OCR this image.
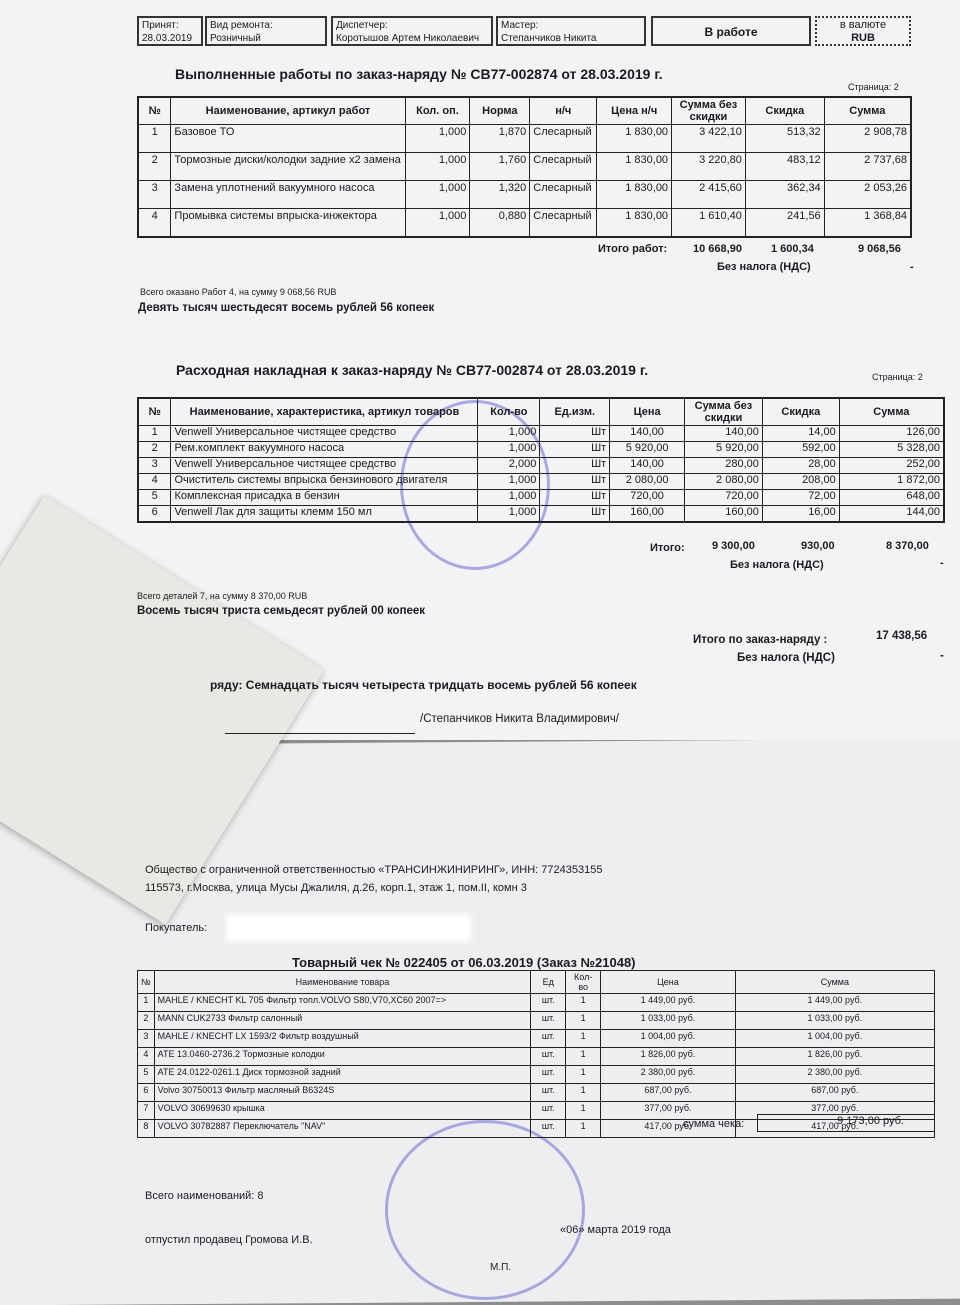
Принят:
28.03.2019
Вид ремонта:
Розничный
Диспетчер:
Коротышов Артем Николаевич
Мастер:
Степанчиков Никита	В работе	в валюте
RUB
Выполненные работы по заказ-наряду № СВ77-002874 от 28.03.2019 г.
Страница: 2
№	Наименование, артикул работ	Кол. оп.	Норма	н/ч	Цена н/ч	Сумма без скидки	Скидка	Сумма
1	Базовое ТО	1,000	1,870	Слесарный	1 830,00	3 422,10	513,32	2 908,78
2	Тормозные диски/колодки задние x2 замена	1,000	1,760	Слесарный	1 830,00	3 220,80	483,12	2 737,68
3	Замена уплотнений вакуумного насоса	1,000	1,320	Слесарный	1 830,00	2 415,60	362,34	2 053,26
4	Промывка системы впрыска-инжектора	1,000	0,880	Слесарный	1 830,00	1 610,40	241,56	1 368,84
Итого работ: 10 668,90	1 600,34	9 068,56
Без налога (НДС)	-
Всего оказано Работ 4, на сумму 9 068,56 RUB
Девять тысяч шестьдесят восемь рублей 56 копеек
Расходная накладная к заказ-наряду № СВ77-002874 от 28.03.2019 г.	Страница: 2
№	Наименование, характеристика, артикул товаров	Кол-во	Ед.изм.	Цена	Сумма без скидки	Скидка	Сумма
1	Venwell Универсальное чистящее средство	1,000	Шт	140,00	140,00	14,00	126,00
2	Рем.комплект вакуумного насоса	1,000	Шт	5 920,00	5 920,00	592,00	5 328,00
3	Venwell Универсальное чистящее средство	2,000	Шт	140,00	280,00	28,00	252,00
4	Очиститель системы впрыска бензинового двигателя	1,000	Шт	2 080,00	2 080,00	208,00	1 872,00
5	Комплексная присадка в бензин	1,000	Шт	720,00	720,00	72,00	648,00
6	Venwell Лак для защиты клемм 150 мл	1,000	Шт	160,00	160,00	16,00	144,00
Итого: 9 300,00	930,00	8 370,00
Без налога (НДС)	-
Всего деталей 7, на сумму 8 370,00 RUB
Восемь тысяч триста семьдесят рублей 00 копеек
Итого по заказ-наряду :	17 438,56
Без налога (НДС)	-
ряду: Семнадцать тысяч четыреста тридцать восемь рублей 56 копеек
/Степанчиков Никита Владимирович/
Общество с ограниченной ответственностью «ТРАНСИНЖИНИРИНГ», ИНН: 7724353155
115573, г.Москва, улица Мусы Джалиля, д.26, корп.1, этаж 1, пом.II, комн 3
Покупатель:
Товарный чек № 022405 от 06.03.2019 (Заказ №21048)
№	Наименование товара	Ед	Кол-во	Цена	Сумма
1	MAHLE / KNECHT KL 705 Фильтр топл.VOLVO S80,V70,XC60 2007=>	шт.	1	1 449,00 руб.	1 449,00 руб.
2	MANN CUK2733 Фильтр салонный	шт.	1	1 033,00 руб.	1 033,00 руб.
3	MAHLE / KNECHT LX 1593/2 Фильтр воздушный	шт.	1	1 004,00 руб.	1 004,00 руб.
4	ATE 13.0460-2736.2 Тормозные колодки	шт.	1	1 826,00 руб.	1 826,00 руб.
5	ATE 24.0122-0261.1 Диск тормозной задний	шт.	1	2 380,00 руб.	2 380,00 руб.
6	Volvo 30750013 Фильтр масляный B6324S	шт.	1	687,00 руб.	687,00 руб.
7	VOLVO 30699630 крышка	шт.	1	377,00 руб.	377,00 руб.
8	VOLVO 30782887 Переключатель "NAV"	шт.	1	417,00 руб.	417,00 руб.
сумма чека:	9 173,00 руб.
Всего наименований: 8
отпустил продавец Громова И.В.
«06» марта 2019 года
М.П.
